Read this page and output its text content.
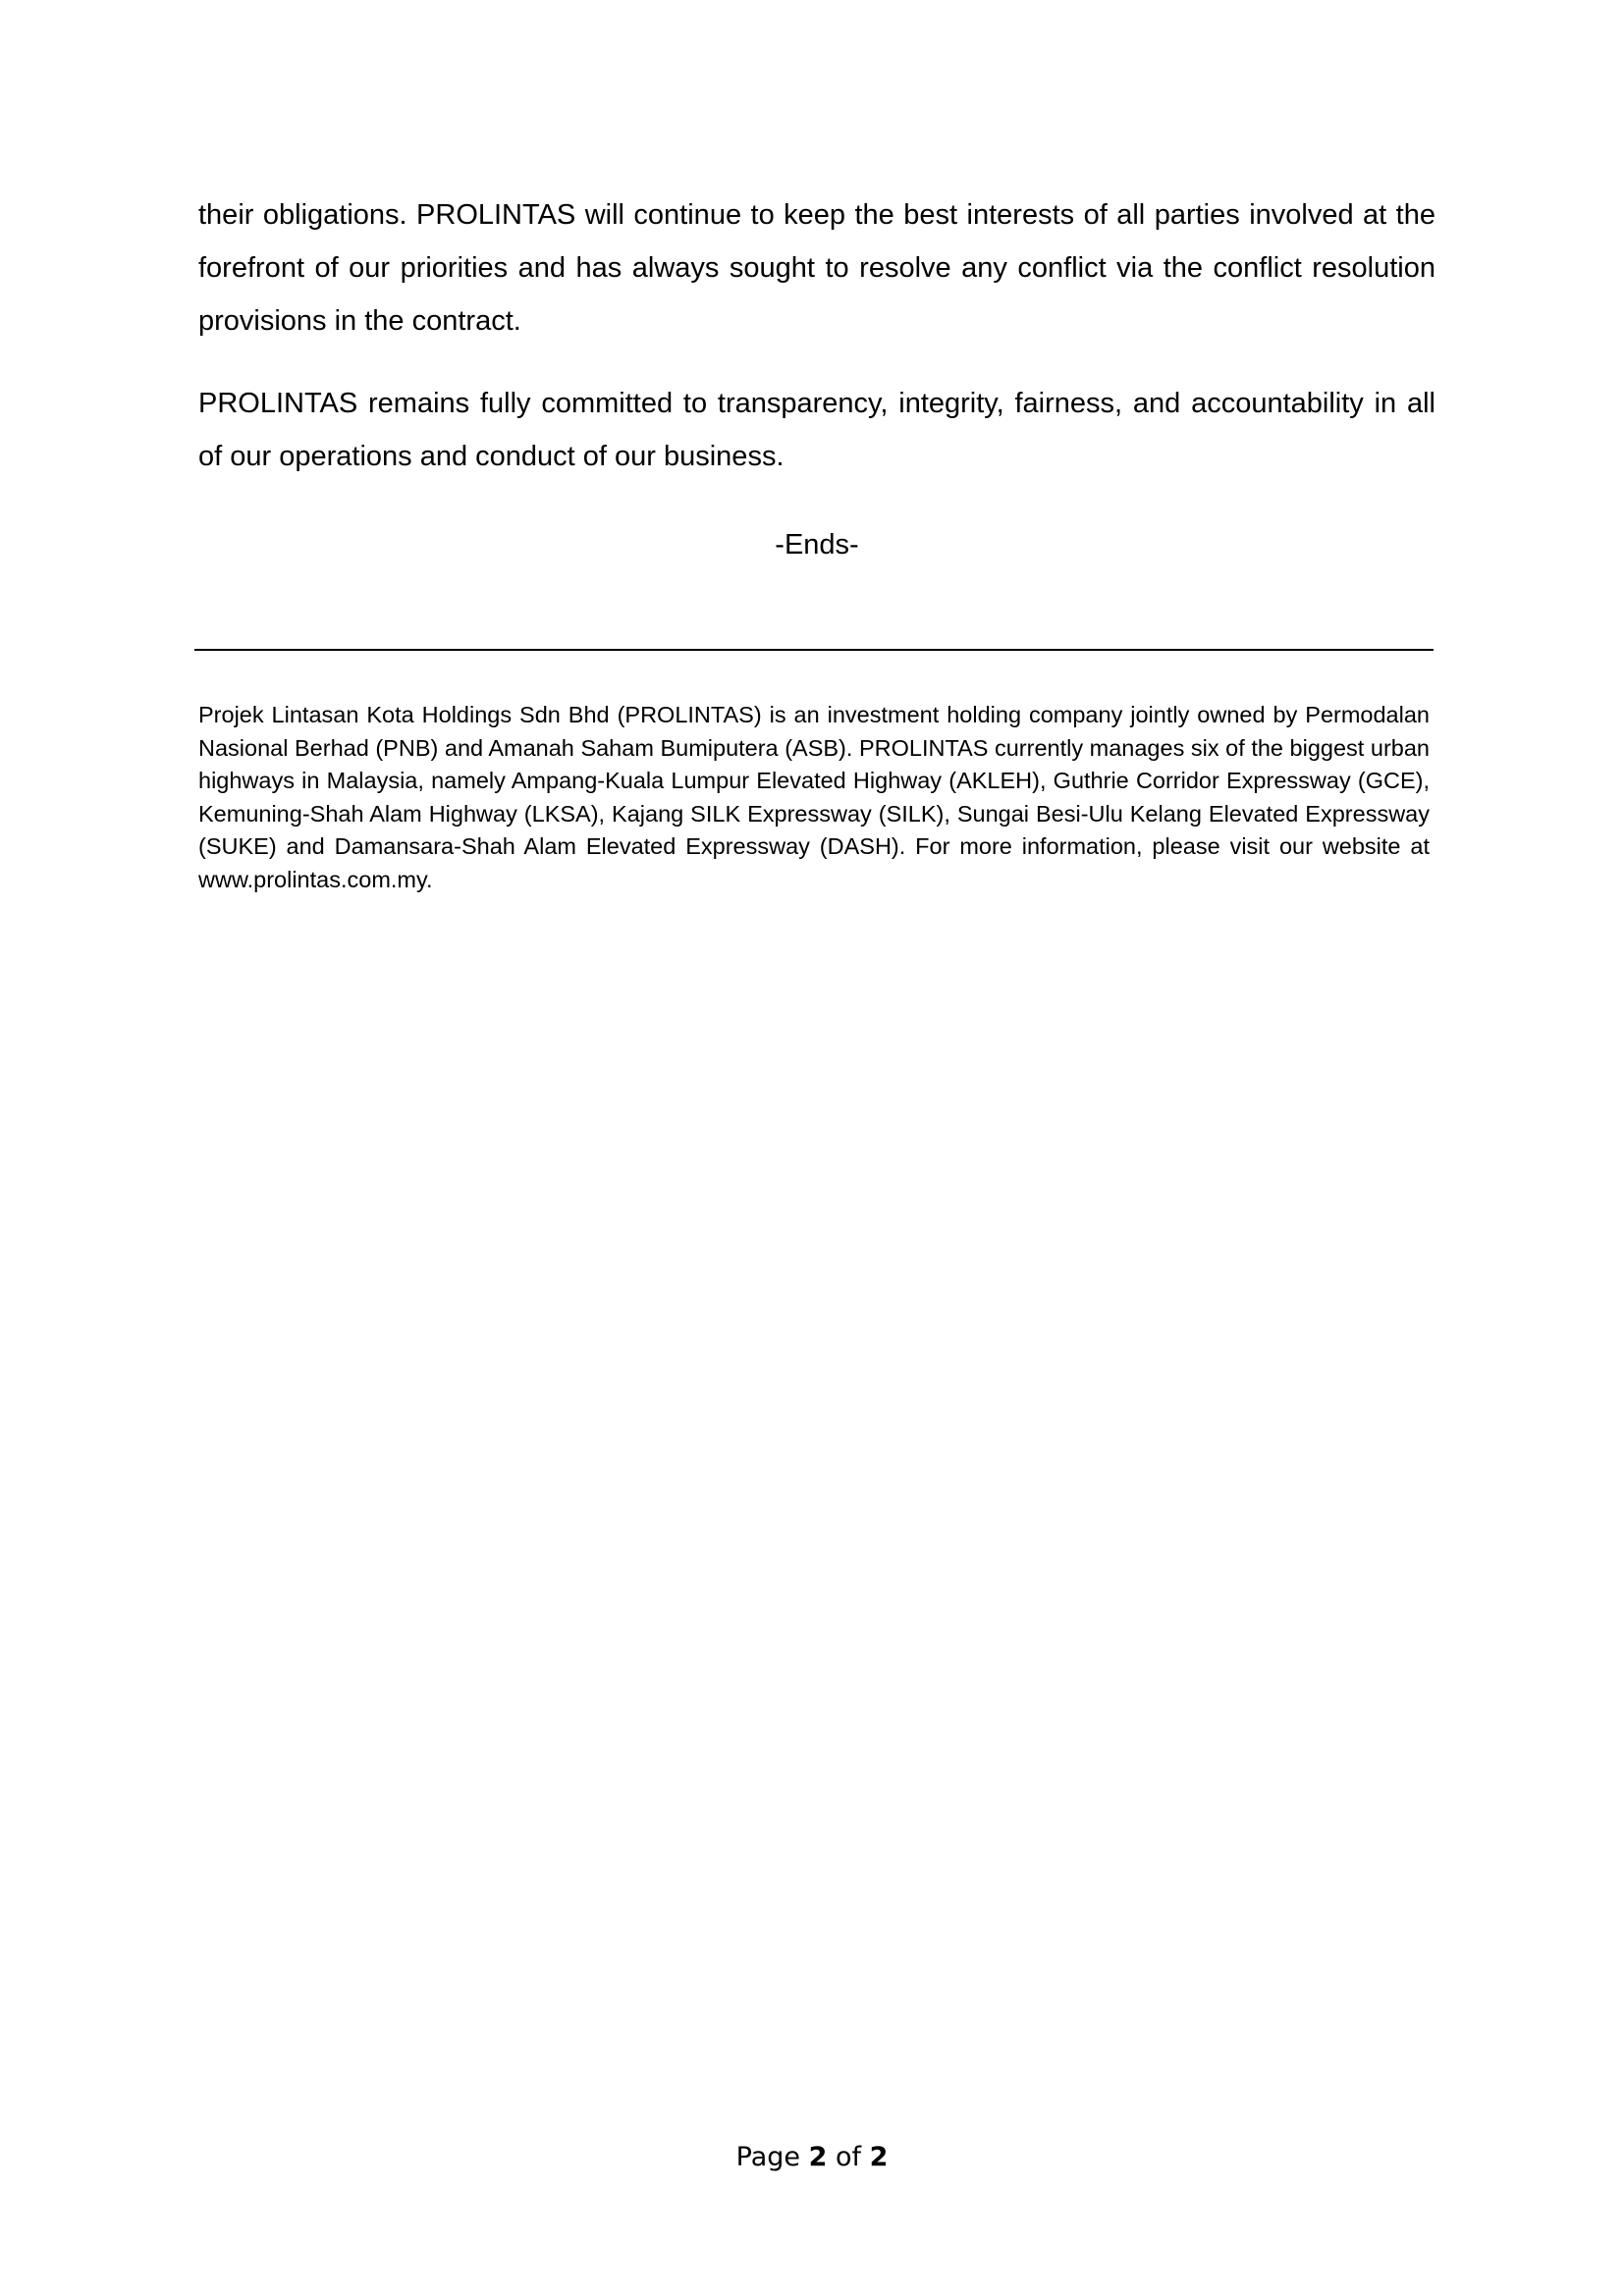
their obligations. PROLINTAS will continue to keep the best interests of all parties involved at the forefront of our priorities and has always sought to resolve any conflict via the conflict resolution provisions in the contract.

PROLINTAS remains fully committed to transparency, integrity, fairness, and accountability in all of our operations and conduct of our business.

-Ends-

Projek Lintasan Kota Holdings Sdn Bhd (PROLINTAS) is an investment holding company jointly owned by Permodalan Nasional Berhad (PNB) and Amanah Saham Bumiputera (ASB). PROLINTAS currently manages six of the biggest urban highways in Malaysia, namely Ampang-Kuala Lumpur Elevated Highway (AKLEH), Guthrie Corridor Expressway (GCE), Kemuning-Shah Alam Highway (LKSA), Kajang SILK Expressway (SILK), Sungai Besi-Ulu Kelang Elevated Expressway (SUKE) and Damansara-Shah Alam Elevated Expressway (DASH). For more information, please visit our website at www.prolintas.com.my.

Page 2 of 2
